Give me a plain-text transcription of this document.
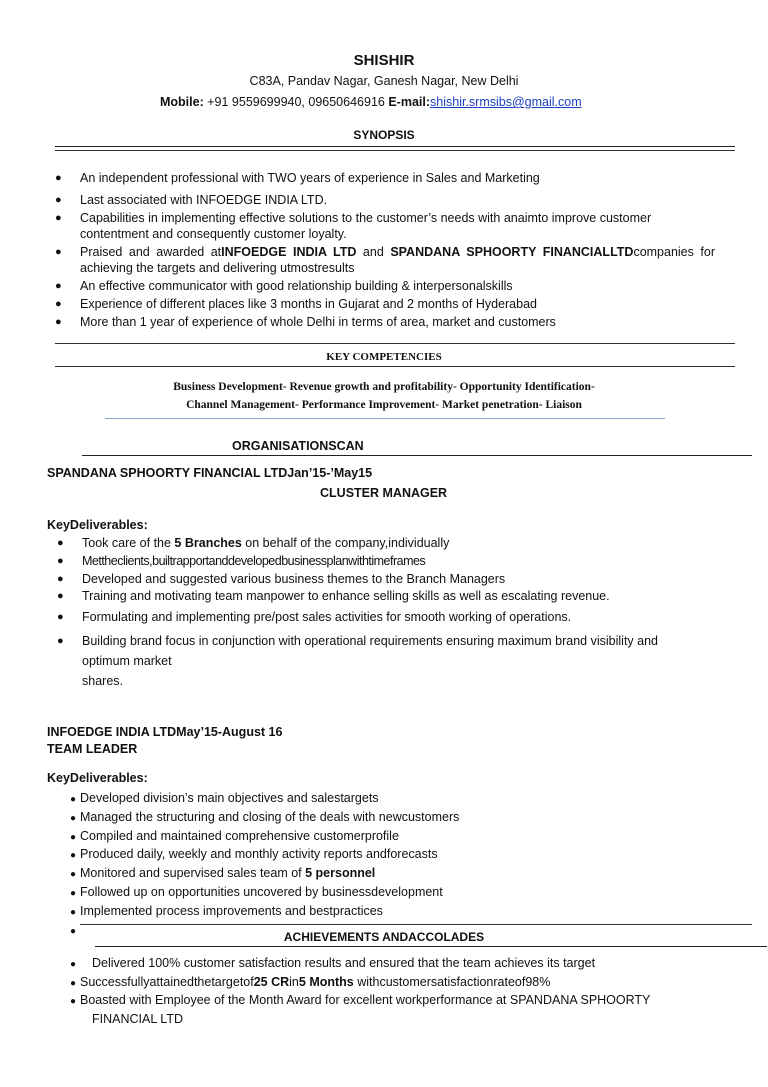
SHISHIR
C83A, Pandav Nagar, Ganesh Nagar, New Delhi
Mobile: +91 9559699940, 09650646916 E-mail:shishir.srmsibs@gmail.com
SYNOPSIS
● An independent professional with TWO years of experience in Sales and Marketing
● Last associated with INFOEDGE INDIA LTD.
● Capabilities in implementing effective solutions to the customer’s needs with anaimto improve customer contentment and consequently customer loyalty.
● Praised and awarded atINFOEDGE INDIA LTD and SPANDANA SPHOORTY FINANCIALLTDcompanies for achieving the targets and delivering utmostresults
● An effective communicator with good relationship building & interpersonalskills
● Experience of different places like 3 months in Gujarat and 2 months of Hyderabad
● More than 1 year of experience of whole Delhi in terms of area, market and customers
KEY COMPETENCIES
Business Development- Revenue growth and profitability- Opportunity Identification-
Channel Management- Performance Improvement- Market penetration- Liaison
ORGANISATIONSCAN
SPANDANA SPHOORTY FINANCIAL LTDJan’15-’May15
CLUSTER MANAGER
KeyDeliverables:
● Took care of the 5 Branches on behalf of the company,individually
● Mettheclients,builtrapportanddevelopedbusinessplanwithtimeframes
● Developed and suggested various business themes to the Branch Managers
● Training and motivating team manpower to enhance selling skills as well as escalating revenue.
● Formulating and implementing pre/post sales activities for smooth working of operations.
● Building brand focus in conjunction with operational requirements ensuring maximum brand visibility and
optimum market
shares.
INFOEDGE INDIA LTDMay’15-August 16
TEAM LEADER
KeyDeliverables:
● Developed division’s main objectives and salestargets
● Managed the structuring and closing of the deals with newcustomers
● Compiled and maintained comprehensive customerprofile
● Produced daily, weekly and monthly activity reports andforecasts
● Monitored and supervised sales team of 5 personnel
● Followed up on opportunities uncovered by businessdevelopment
● Implemented process improvements and bestpractices
●	ACHIEVEMENTS ANDACCOLADES
● Delivered 100% customer satisfaction results and ensured that the team achieves its target
● Successfullyattainedthetargetof25 CRin5 Months withcustomersatisfactionrateof98%
● Boasted with Employee of the Month Award for excellent workperformance at SPANDANA SPHOORTY
FINANCIAL LTD
